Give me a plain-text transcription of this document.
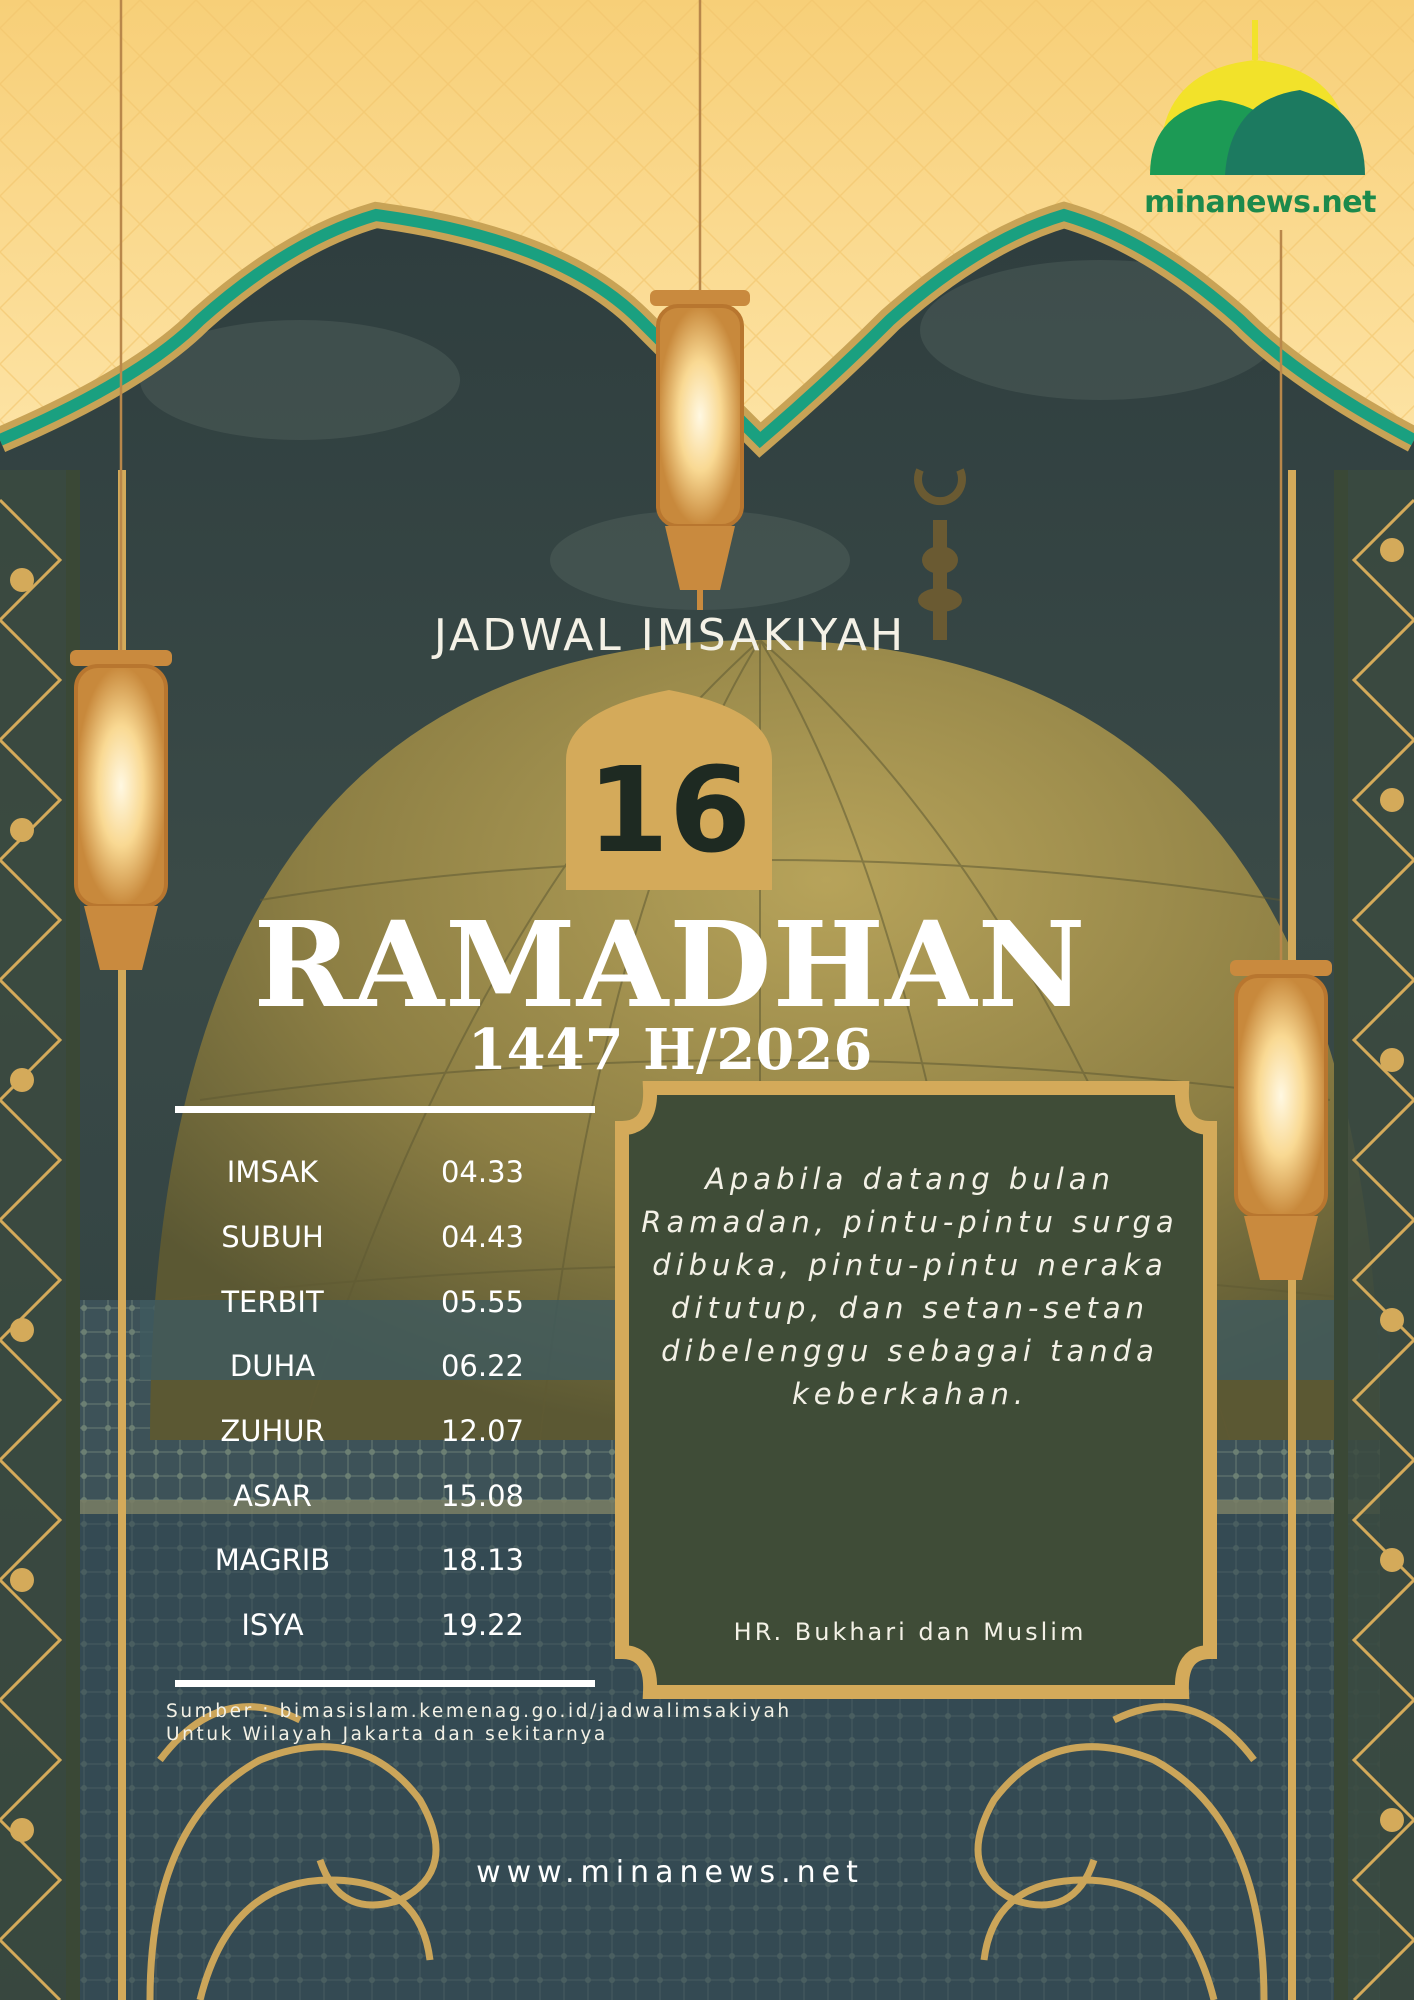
JADWAL IMSAKIYAH
16
RAMADHAN
1447 H/2026
IMSAK	04.33
SUBUH	04.43
TERBIT	05.55
DUHA	06.22
ZUHUR	12.07
ASAR	15.08
MAGRIB	18.13
ISYA	19.22
Apabila datang bulan Ramadan, pintu-pintu surga dibuka, pintu-pintu neraka ditutup, dan setan-setan dibelenggu sebagai tanda keberkahan.
HR. Bukhari dan Muslim
Sumber : bimasislam.kemenag.go.id/jadwalimsakiyah
Untuk Wilayah Jakarta dan sekitarnya
www.minanews.net
minanews.net
